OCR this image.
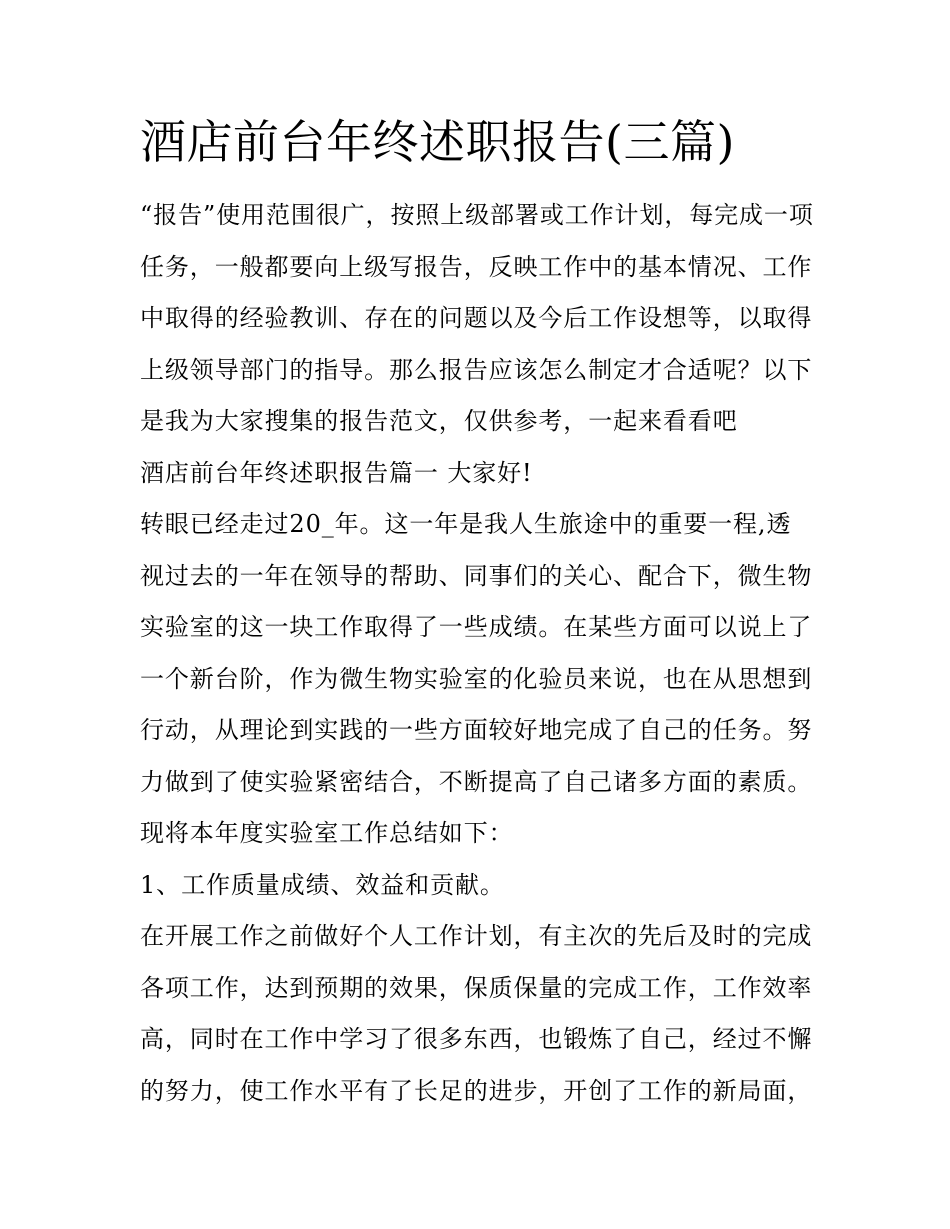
酒店前台年终述职报告(三篇)
“报告”使用范围很广，按照上级部署或工作计划，每完成一项
任务，一般都要向上级写报告，反映工作中的基本情况、工作
中取得的经验教训、存在的问题以及今后工作设想等，以取得
上级领导部门的指导。那么报告应该怎么制定才合适呢？以下
是我为大家搜集的报告范文，仅供参考，一起来看看吧
酒店前台年终述职报告篇一 大家好!
转眼已经走过20_年。这一年是我人生旅途中的重要一程,透
视过去的一年在领导的帮助、同事们的关心、配合下，微生物
实验室的这一块工作取得了一些成绩。在某些方面可以说上了
一个新台阶，作为微生物实验室的化验员来说，也在从思想到
行动，从理论到实践的一些方面较好地完成了自己的任务。努
力做到了使实验紧密结合，不断提高了自己诸多方面的素质。
现将本年度实验室工作总结如下：
1、工作质量成绩、效益和贡献。
在开展工作之前做好个人工作计划，有主次的先后及时的完成
各项工作，达到预期的效果，保质保量的完成工作，工作效率
高，同时在工作中学习了很多东西，也锻炼了自己，经过不懈
的努力，使工作水平有了长足的进步，开创了工作的新局面，
